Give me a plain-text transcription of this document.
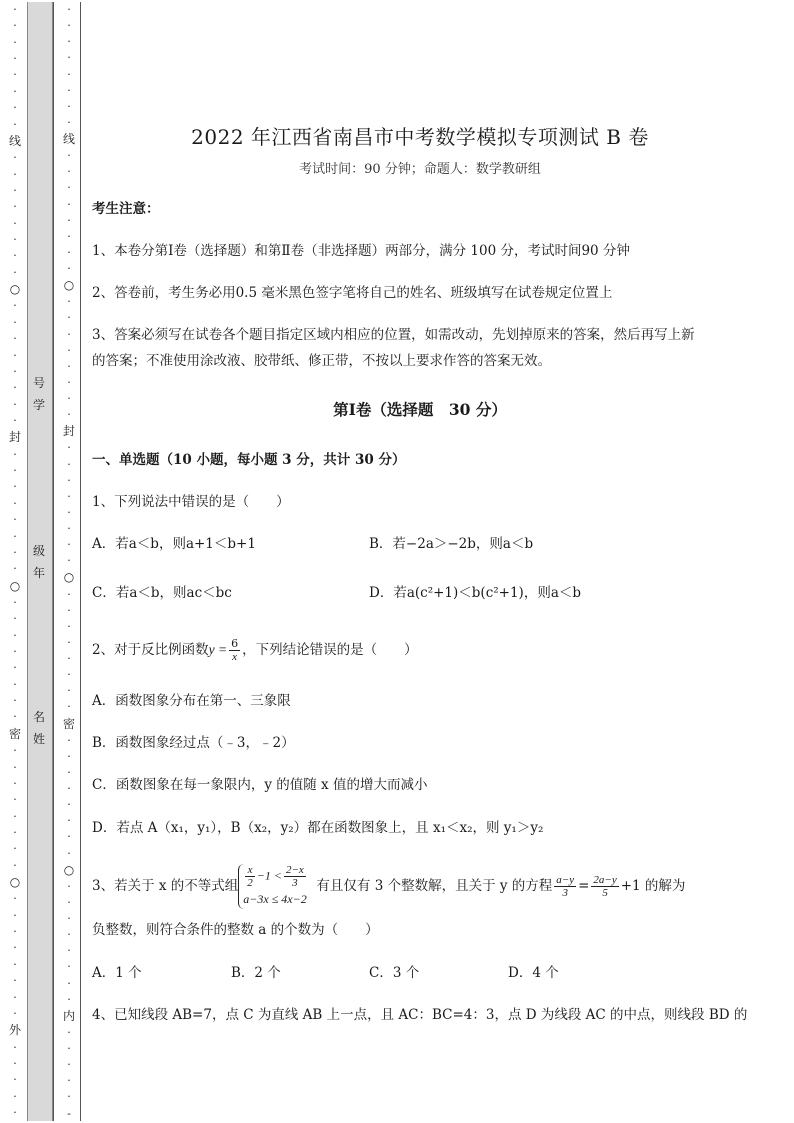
·
·
·
·
·
·
·
·
线
·
·
·
·
·
·
·
·
○
·
·
·
·
·
·
·
·
封
·
·
·
·
·
·
·
·
○
·
·
·
·
·
·
·
·
密
·
·
·
·
·
·
·
·
○
·
·
·
·
·
·
·
·
外
·
·
·
·
·
·
·
·
·
·
·
·
·
线
·
·
·
·
·
·
·
·
○
·
·
·
·
·
·
·
·
封
·
·
·
·
·
·
·
·
○
·
·
·
·
·
·
·
·
密
·
·
·
·
·
·
·
·
○
·
·
·
·
·
·
·
·
内
·
·
·
·
·
-
号
学
级
年
名
姓
2022 年江西省南昌市中考数学模拟专项测试 B 卷
考试时间：90 分钟；命题人：数学教研组
考生注意：
1、本卷分第Ⅰ卷（选择题）和第Ⅱ卷（非选择题）两部分，满分 100 分，考试时间90 分钟
2、答卷前，考生务必用0.5 毫米黑色签字笔将自己的姓名、班级填写在试卷规定位置上
3、答案必须写在试卷各个题目指定区域内相应的位置，如需改动，先划掉原来的答案，然后再写上新
的答案；不准使用涂改液、胶带纸、修正带，不按以上要求作答的答案无效。
第Ⅰ卷（选择题　30 分）
一、单选题（10 小题，每小题 3 分，共计 30 分）
1、下列说法中错误的是（　　）
A．若a＜b，则a+1＜b+1	B．若−2a＞−2b，则a＜b
C．若a＜b，则ac＜bc	D．若a(c²+1)＜b(c²+1)，则a＜b
2、对于反比例函数$y = \frac{6}{x}$ ，下列结论错误的是（　　）
A．函数图象分布在第一、三象限
B．函数图象经过点（﹣3，﹣2）
C．函数图象在每一象限内，y 的值随 x 值的增大而减小
D．若点 A（x₁，y₁），B（x₂，y₂）都在函数图象上，且 x₁＜x₂，则 y₁＞y₂
3、若关于 x 的不等式组 $\frac{x}{2} -1 < \frac{2-x}{3}$
a−3x ≤ 4x−2
有且仅有 3 个整数解，且关于 y 的方程 $\frac{a-y}{3} = \frac{2a-y}{5} +1$ 的解为
负整数，则符合条件的整数 a 的个数为（　　）
A．1 个	B．2 个	C．3 个	D．4 个
4、已知线段 AB=7，点 C 为直线 AB 上一点，且 AC：BC=4：3，点 D 为线段 AC 的中点，则线段 BD 的
